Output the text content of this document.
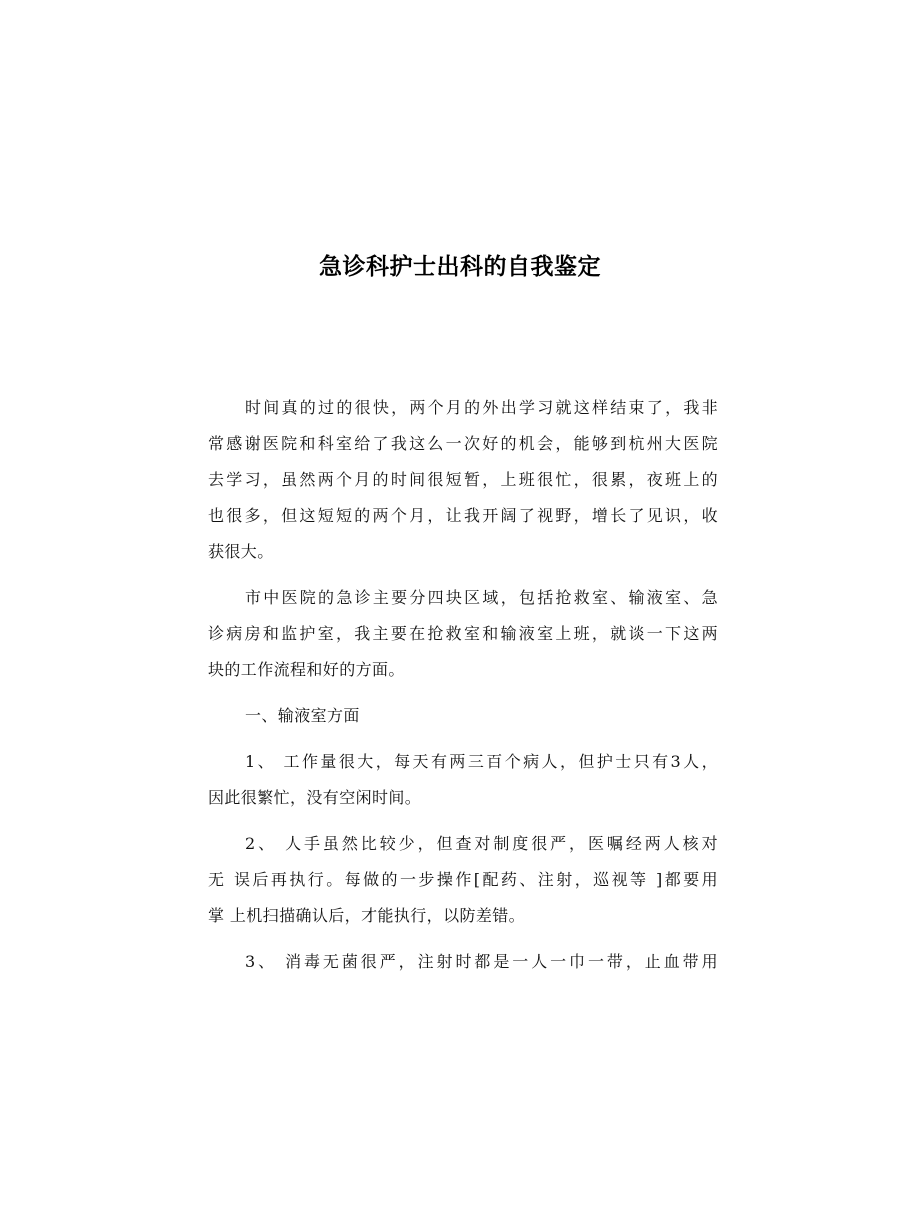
急诊科护士出科的自我鉴定
时间真的过的很快，两个月的外出学习就这样结束了，我非
常感谢医院和科室给了我这么一次好的机会，能够到杭州大医院
去学习，虽然两个月的时间很短暂，上班很忙，很累，夜班上的
也很多，但这短短的两个月，让我开阔了视野，增长了见识，收
获很大。
市中医院的急诊主要分四块区域，包括抢救室、输液室、急
诊病房和监护室，我主要在抢救室和输液室上班，就谈一下这两
块的工作流程和好的方面。
一、输液室方面
1、 工作量很大，每天有两三百个病人，但护士只有3人，
因此很繁忙，没有空闲时间。
2、 人手虽然比较少，但查对制度很严，医嘱经两人核对
无 误后再执行。每做的一步操作[配药、注射，巡视等 ]都要用
掌 上机扫描确认后，才能执行，以防差错。
3、 消毒无菌很严，注射时都是一人一巾一带，止血带用
